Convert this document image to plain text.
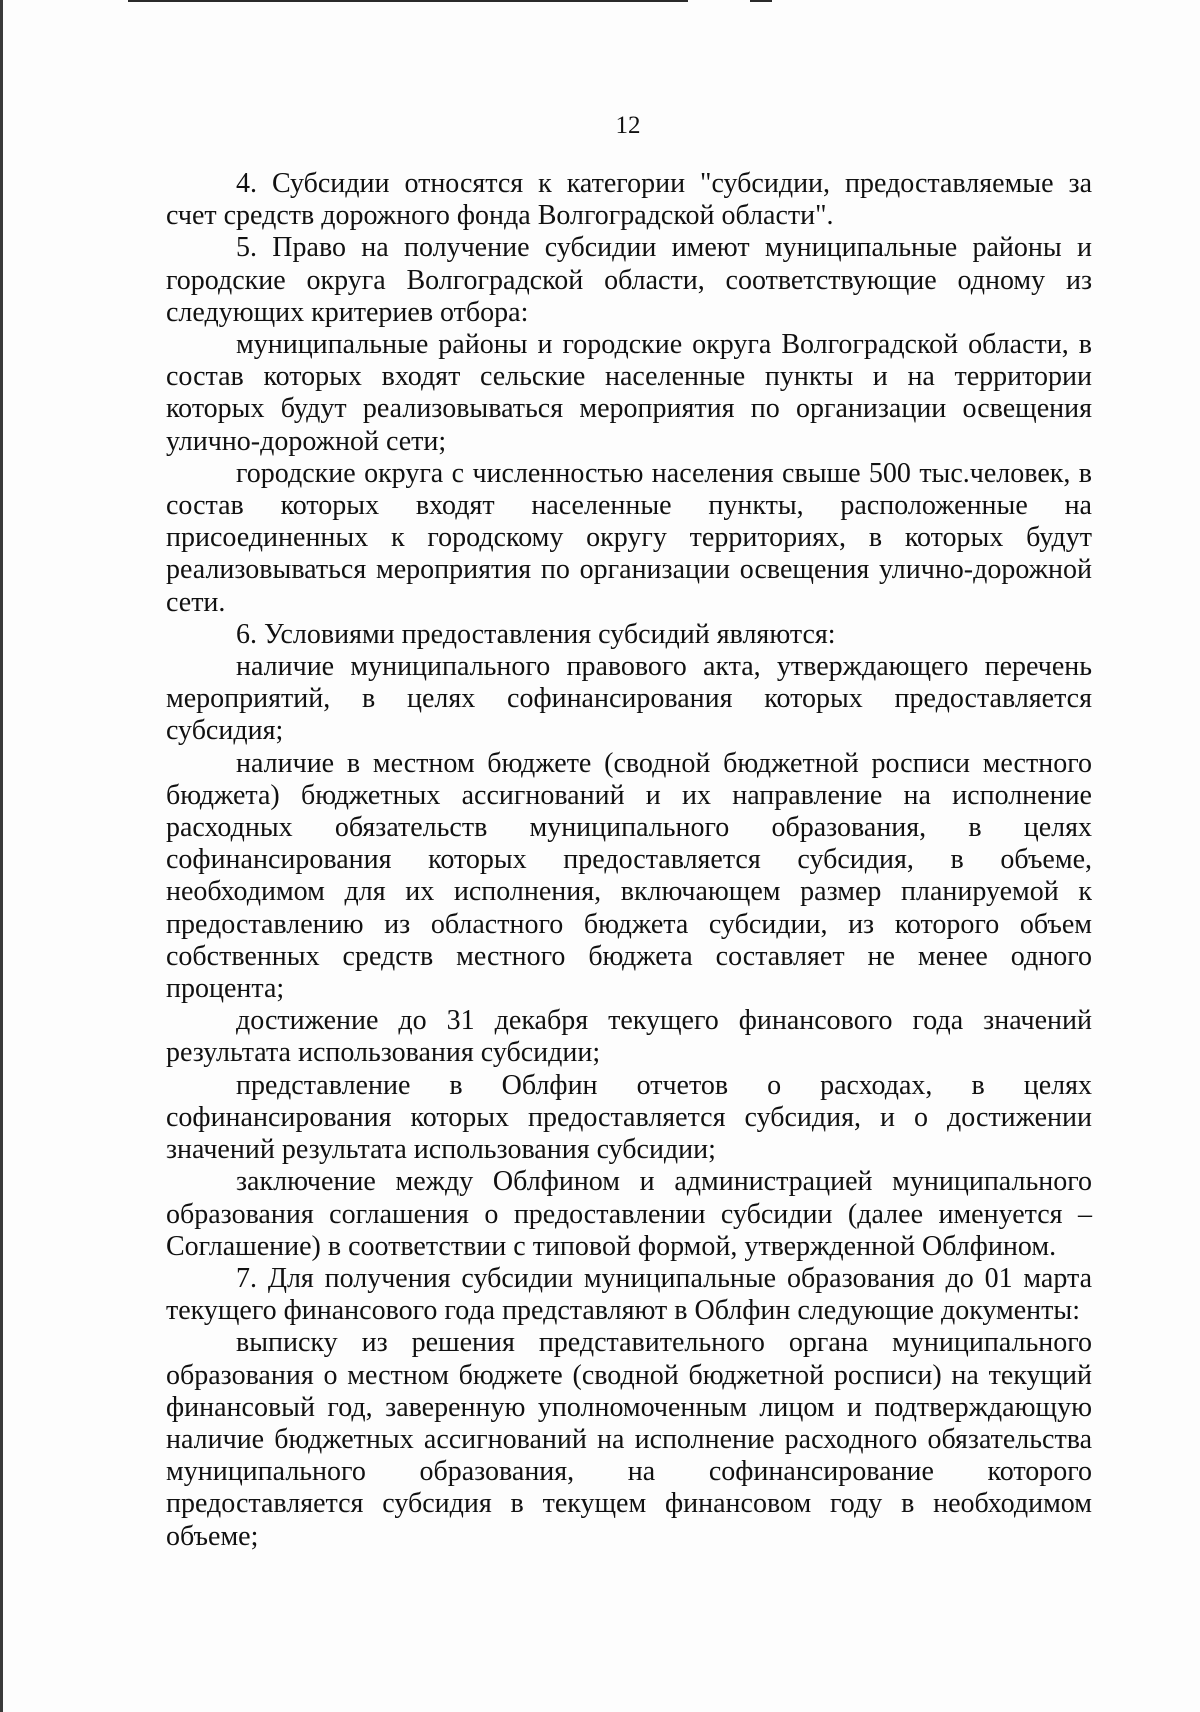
12

4. Субсидии относятся к категории "субсидии, предоставляемые за счет средств дорожного фонда Волгоградской области".

5. Право на получение субсидии имеют муниципальные районы и городские округа Волгоградской области, соответствующие одному из следующих критериев отбора:

муниципальные районы и городские округа Волгоградской области, в состав которых входят сельские населенные пункты и на территории которых будут реализовываться мероприятия по организации освещения улично-дорожной сети;

городские округа с численностью населения свыше 500 тыс.человек, в состав которых входят населенные пункты, расположенные на присоединенных к городскому округу территориях, в которых будут реализовываться мероприятия по организации освещения улично-дорожной сети.

6. Условиями предоставления субсидий являются:

наличие муниципального правового акта, утверждающего перечень мероприятий, в целях софинансирования которых предоставляется субсидия;

наличие в местном бюджете (сводной бюджетной росписи местного бюджета) бюджетных ассигнований и их направление на исполнение расходных обязательств муниципального образования, в целях софинансирования которых предоставляется субсидия, в объеме, необходимом для их исполнения, включающем размер планируемой к предоставлению из областного бюджета субсидии, из которого объем собственных средств местного бюджета составляет не менее одного процента;

достижение до 31 декабря текущего финансового года значений результата использования субсидии;

представление в Облфин отчетов о расходах, в целях софинансирования которых предоставляется субсидия, и о достижении значений результата использования субсидии;

заключение между Облфином и администрацией муниципального образования соглашения о предоставлении субсидии (далее именуется – Соглашение) в соответствии с типовой формой, утвержденной Облфином.

7. Для получения субсидии муниципальные образования до 01 марта текущего финансового года представляют в Облфин следующие документы:

выписку из решения представительного органа муниципального образования о местном бюджете (сводной бюджетной росписи) на текущий финансовый год, заверенную уполномоченным лицом и подтверждающую наличие бюджетных ассигнований на исполнение расходного обязательства муниципального образования, на софинансирование которого предоставляется субсидия в текущем финансовом году в необходимом объеме;
